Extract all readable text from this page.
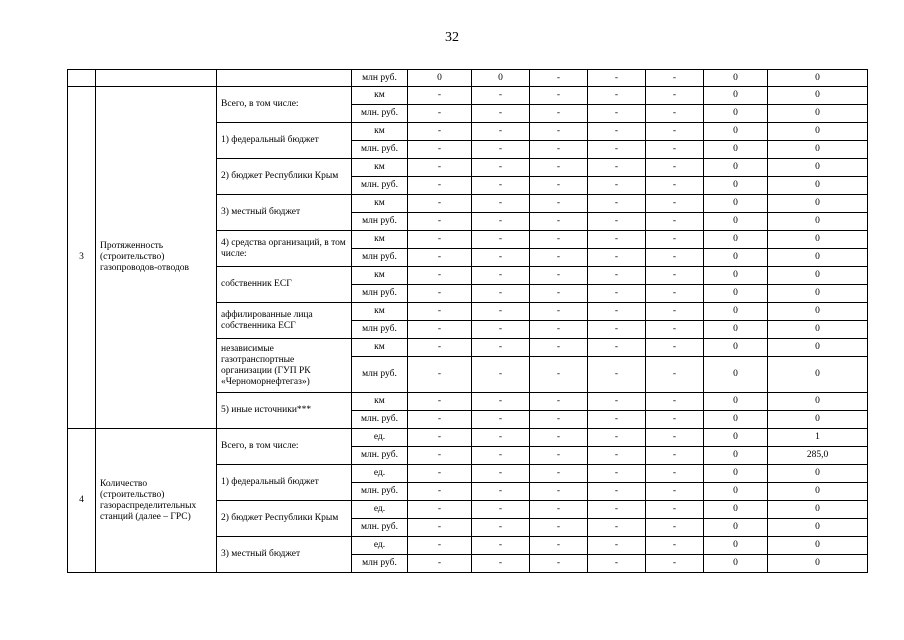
32
			млн руб.	0	0	-	-	-	0	0
3	Протяженность (строительство) газопроводов-отводов	Всего, в том числе:	км	-	-	-	-	-	0	0
			млн. руб.	-	-	-	-	-	0	0
		1) федеральный бюджет	км	-	-	-	-	-	0	0
			млн. руб.	-	-	-	-	-	0	0
		2) бюджет Республики Крым	км	-	-	-	-	-	0	0
			млн. руб.	-	-	-	-	-	0	0
		3) местный бюджет	км	-	-	-	-	-	0	0
			млн руб.	-	-	-	-	-	0	0
		4) средства организаций, в том числе:	км	-	-	-	-	-	0	0
			млн руб.	-	-	-	-	-	0	0
		собственник ЕСГ	км	-	-	-	-	-	0	0
			млн руб.	-	-	-	-	-	0	0
		аффилированные лица собственника ЕСГ	км	-	-	-	-	-	0	0
			млн руб.	-	-	-	-	-	0	0
		независимые газотранспортные организации (ГУП РК «Черноморнефтегаз»)	км	-	-	-	-	-	0	0
			млн руб.	-	-	-	-	-	0	0
		5) иные источники***	км	-	-	-	-	-	0	0
			млн. руб.	-	-	-	-	-	0	0
4	Количество (строительство) газораспределительных станций (далее – ГРС)	Всего, в том числе:	ед.	-	-	-	-	-	0	1
			млн. руб.	-	-	-	-	-	0	285,0
		1) федеральный бюджет	ед.	-	-	-	-	-	0	0
			млн. руб.	-	-	-	-	-	0	0
		2) бюджет Республики Крым	ед.	-	-	-	-	-	0	0
			млн. руб.	-	-	-	-	-	0	0
		3) местный бюджет	ед.	-	-	-	-	-	0	0
			млн руб.	-	-	-	-	-	0	0
